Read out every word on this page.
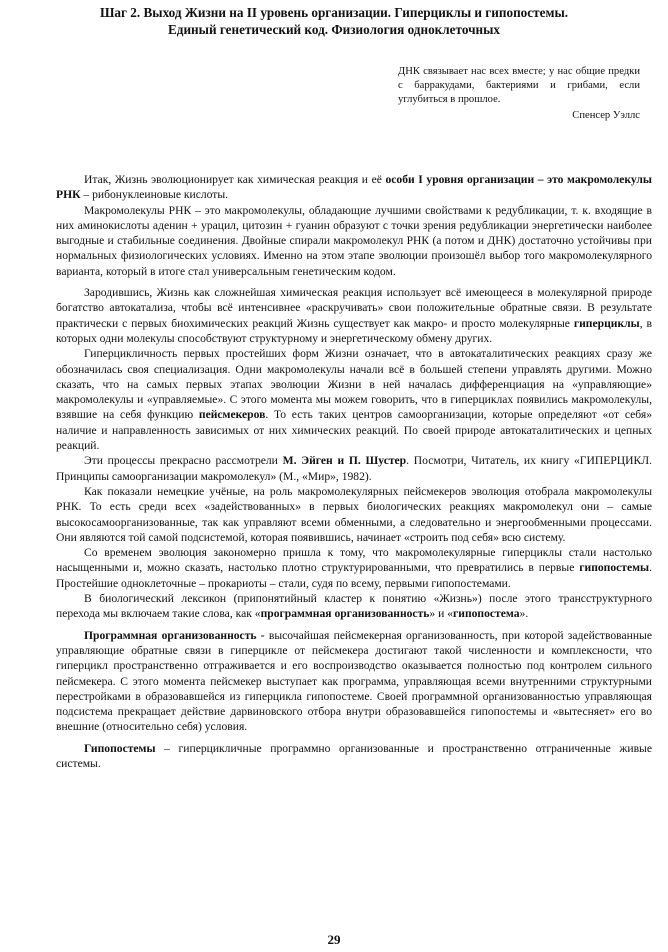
Шаг 2. Выход Жизни на II уровень организации. Гиперциклы и гипопостемы.
Единый генетический код. Физиология одноклеточных
ДНК связывает нас всех вместе; у нас общие предки с барракудами, бактериями и грибами, если углубиться в прошлое.
Спенсер Уэллс

Итак, Жизнь эволюционирует как химическая реакция и её особи I уровня организации – это макромолекулы РНК – рибонуклеиновые кислоты.

Макромолекулы РНК – это макромолекулы, обладающие лучшими свойствами к редубликации, т. к. входящие в них аминокислоты аденин + урацил, цитозин + гуанин образуют с точки зрения редубликации энергетически наиболее выгодные и стабильные соединения. Двойные спирали макромолекул РНК (а потом и ДНК) достаточно устойчивы при нормальных физиологических условиях. Именно на этом этапе эволюции произошёл выбор того макромолекулярного варианта, который в итоге стал универсальным генетическим кодом.

Зародившись, Жизнь как сложнейшая химическая реакция использует всё имеющееся в молекулярной природе богатство автокатализа, чтобы всё интенсивнее «раскручивать» свои положительные обратные связи. В результате практически с первых биохимических реакций Жизнь существует как макро- и просто молекулярные гиперциклы, в которых одни молекулы способствуют структурному и энергетическому обмену других.

Гиперцикличность первых простейших форм Жизни означает, что в автокаталитических реакциях сразу же обозначилась своя специализация. Одни макромолекулы начали всё в большей степени управлять другими. Можно сказать, что на самых первых этапах эволюции Жизни в ней началась дифференциация на «управляющие» макромолекулы и «управляемые». С этого момента мы можем говорить, что в гиперциклах появились макромолекулы, взявшие на себя функцию пейсмекеров. То есть таких центров самоорганизации, которые определяют «от себя» наличие и направленность зависимых от них химических реакций. По своей природе автокаталитических и цепных реакций.

Эти процессы прекрасно рассмотрели М. Эйген и П. Шустер. Посмотри, Читатель, их книгу «ГИПЕРЦИКЛ. Принципы самоорганизации макромолекул» (М., «Мир», 1982).

Как показали немецкие учёные, на роль макромолекулярных пейсмекеров эволюция отобрала макромолекулы РНК. То есть среди всех «задействованных» в первых биологических реакциях макромолекул они – самые высокосамоорганизованные, так как управляют всеми обменными, а следовательно и энергообменными процессами. Они являются той самой подсистемой, которая появившись, начинает «строить под себя» всю систему.

Со временем эволюция закономерно пришла к тому, что макромолекулярные гиперциклы стали настолько насыщенными и, можно сказать, настолько плотно структурированными, что превратились в первые гипопостемы. Простейшие одноклеточные – прокариоты – стали, судя по всему, первыми гипопостемами.

В биологический лексикон (припонятийный кластер к понятию «Жизнь») после этого транcструктурного перехода мы включаем такие слова, как «программная организованность» и «гипопостема».

Программная организованность - высочайшая пейсмекерная организованность, при которой задействованные управляющие обратные связи в гиперцикле от пейсмекера достигают такой численности и комплексности, что гиперцикл пространственно отграживается и его воспроизводство оказывается полностью под контролем сильного пейсмекера. С этого момента пейсмекер выступает как программа, управляющая всеми внутренними структурными перестройками в образовавшейся из гиперцикла гипопостеме. Своей программной организованностью управляющая подсистема прекращает действие дарвиновского отбора внутри образовавшейся гипопостемы и «вытесняет» его во внешние (относительно себя) условия.

Гипопостемы – гиперцикличные программно организованные и пространственно отграниченные живые системы.

29
